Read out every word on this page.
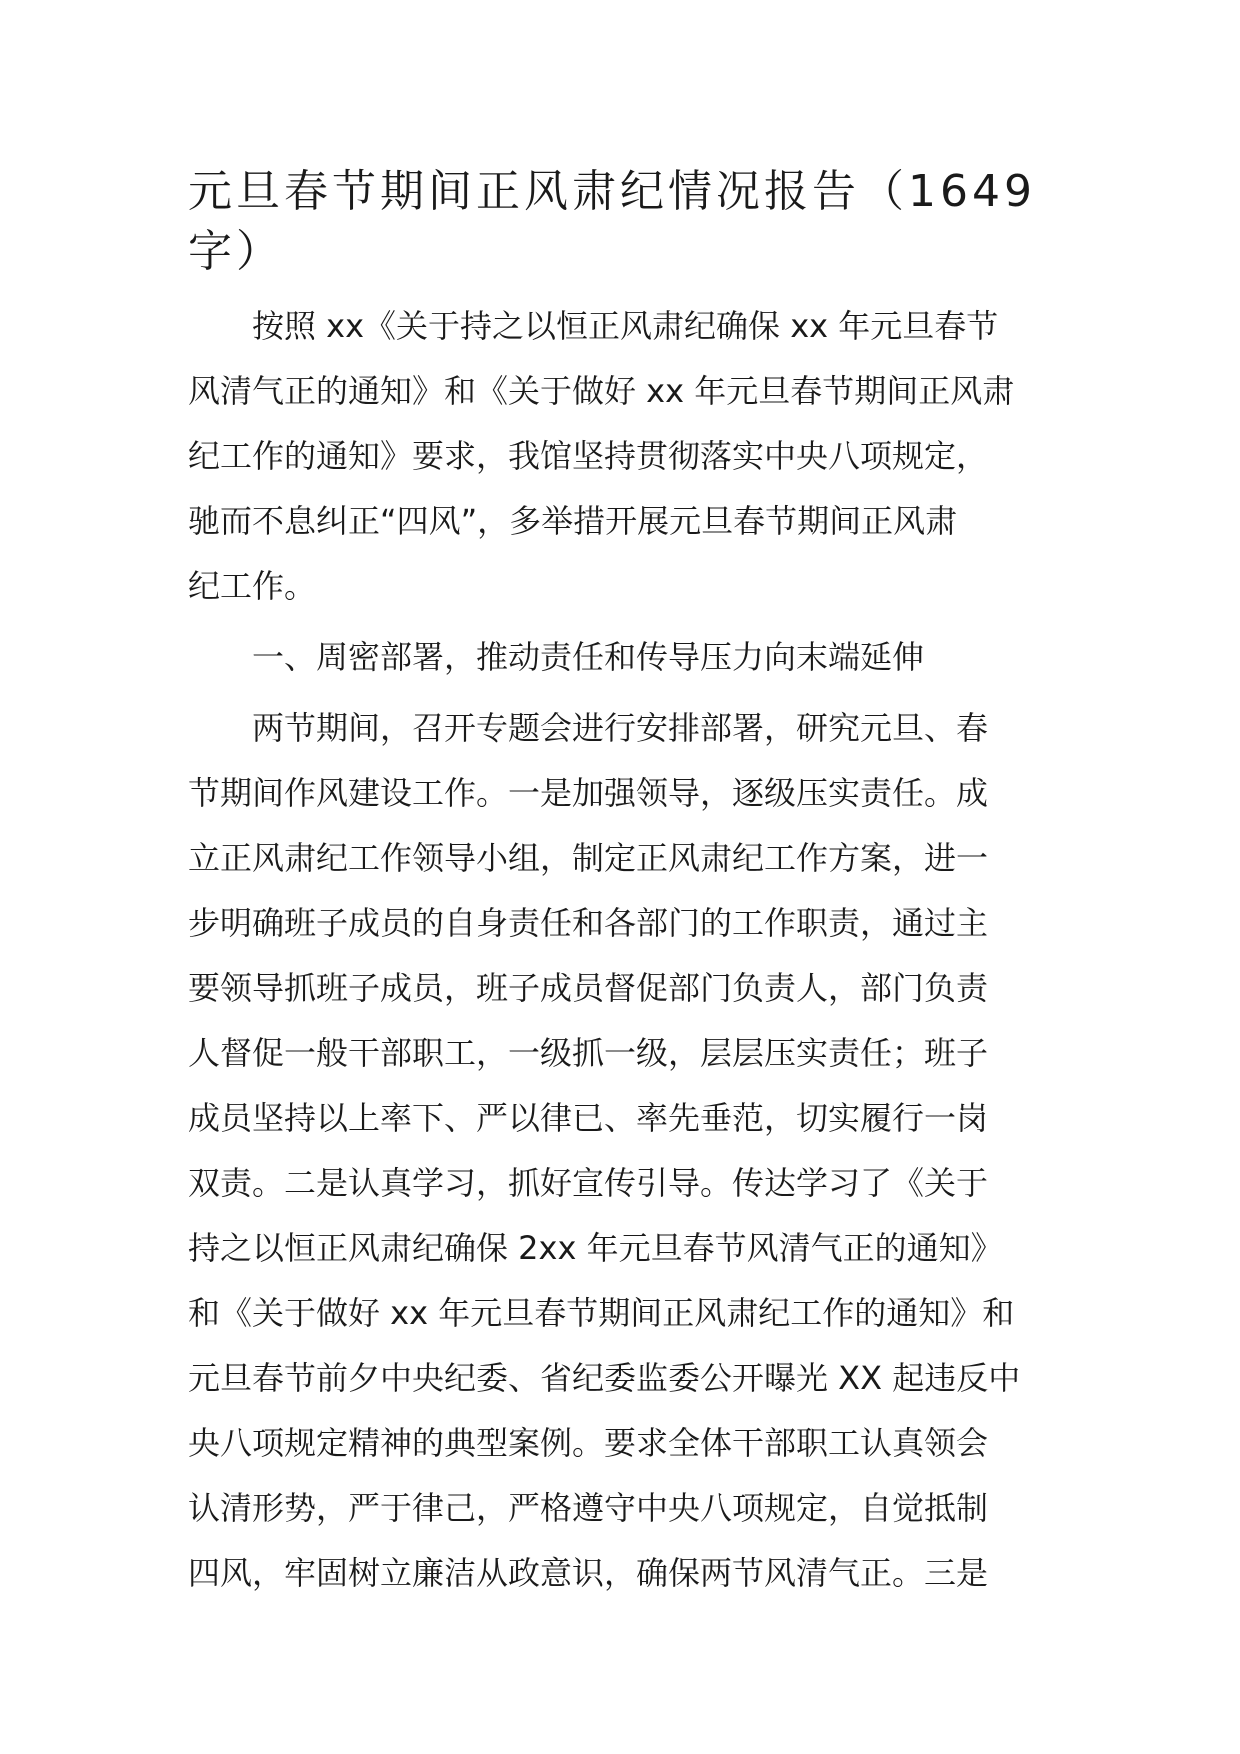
元旦春节期间正风肃纪情况报告（1649
字）
按照 xx《关于持之以恒正风肃纪确保 xx 年元旦春节
风清气正的通知》和《关于做好 xx 年元旦春节期间正风肃
纪工作的通知》要求，我馆坚持贯彻落实中央八项规定，
驰而不息纠正“四风”，多举措开展元旦春节期间正风肃
纪工作。
一、周密部署，推动责任和传导压力向末端延伸
两节期间，召开专题会进行安排部署，研究元旦、春
节期间作风建设工作。一是加强领导，逐级压实责任。成
立正风肃纪工作领导小组，制定正风肃纪工作方案，进一
步明确班子成员的自身责任和各部门的工作职责，通过主
要领导抓班子成员，班子成员督促部门负责人，部门负责
人督促一般干部职工，一级抓一级，层层压实责任；班子
成员坚持以上率下、严以律已、率先垂范，切实履行一岗
双责。二是认真学习，抓好宣传引导。传达学习了《关于
持之以恒正风肃纪确保 2xx 年元旦春节风清气正的通知》
和《关于做好 xx 年元旦春节期间正风肃纪工作的通知》和
元旦春节前夕中央纪委、省纪委监委公开曝光 XX 起违反中
央八项规定精神的典型案例。要求全体干部职工认真领会
认清形势，严于律己，严格遵守中央八项规定，自觉抵制
四风，牢固树立廉洁从政意识，确保两节风清气正。三是
